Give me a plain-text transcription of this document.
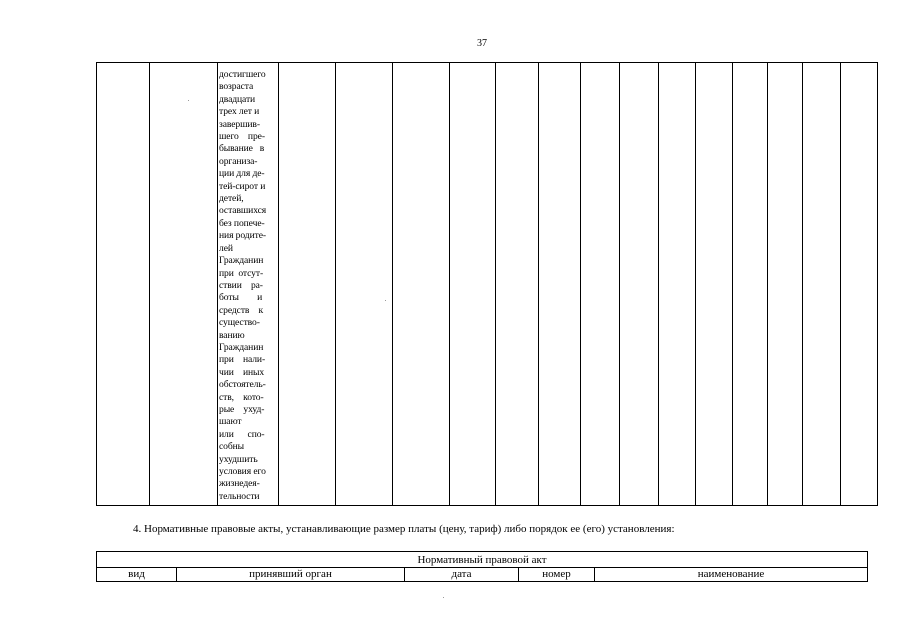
37
достигшего
возраста
двадцати
трех лет и
завершив-
шего    пре-
бывание   в
организа-
ции для де-
тей-сирот и
детей,
оставшихся
без попече-
ния родите-
лей
Гражданин
при  отсут-
ствии    ра-
боты        и
средств    к
существо-
ванию
Гражданин
при    нали-
чии    иных
обстоятель-
ств,    кото-
рые    ухуд-
шают
или      спо-
собны
ухудшить
условия его
жизнедея-
тельности
4. Нормативные правовые акты, устанавливающие размер платы (цену, тариф) либо порядок ее (его) установления:
Нормативный правовой акт
вид	принявший орган	дата	номер	наименование
